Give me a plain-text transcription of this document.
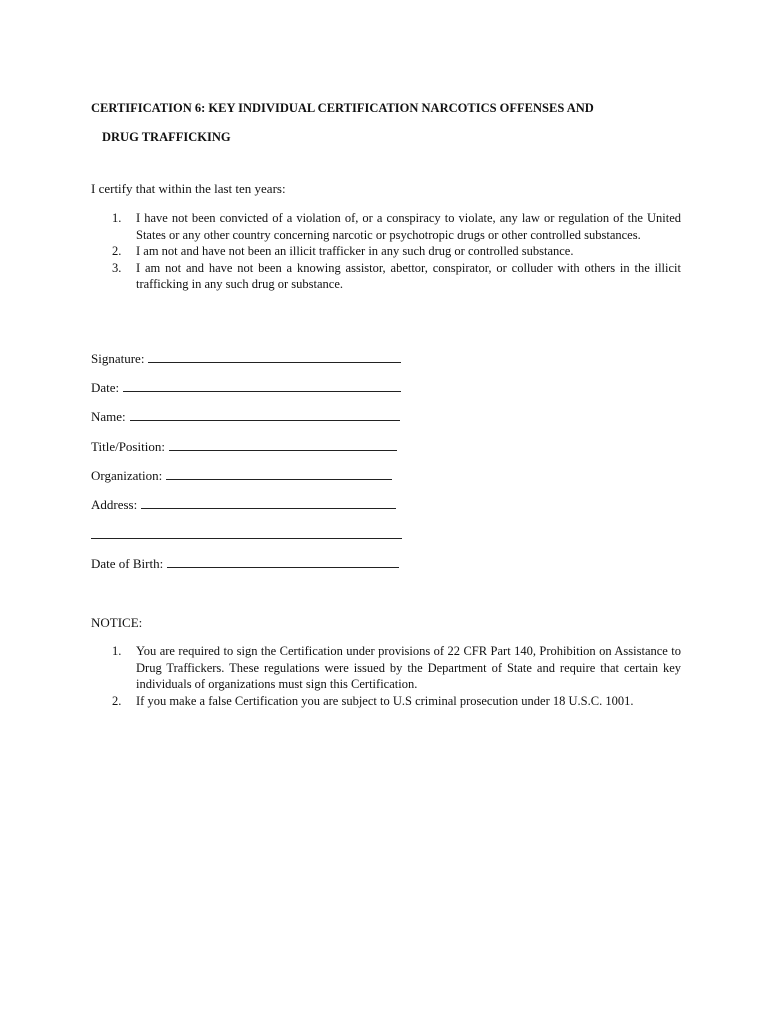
CERTIFICATION 6: KEY INDIVIDUAL CERTIFICATION NARCOTICS OFFENSES AND
DRUG TRAFFICKING
I certify that within the last ten years:
1. I have not been convicted of a violation of, or a conspiracy to violate, any law or regulation of the United States or any other country concerning narcotic or psychotropic drugs or other controlled substances.
2. I am not and have not been an illicit trafficker in any such drug or controlled substance.
3. I am not and have not been a knowing assistor, abettor, conspirator, or colluder with others in the illicit trafficking in any such drug or substance.
Signature:
Date:
Name:
Title/Position:
Organization:
Address:
Date of Birth:
NOTICE:
1. You are required to sign the Certification under provisions of 22 CFR Part 140, Prohibition on Assistance to Drug Traffickers. These regulations were issued by the Department of State and require that certain key individuals of organizations must sign this Certification.
2. If you make a false Certification you are subject to U.S criminal prosecution under 18 U.S.C. 1001.
